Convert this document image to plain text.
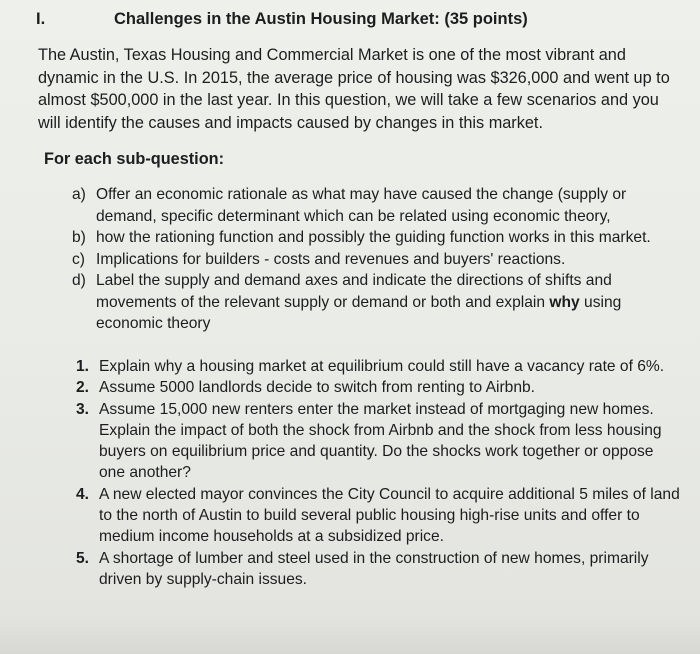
I.	Challenges in the Austin Housing Market: (35 points)
The Austin, Texas Housing and Commercial Market is one of the most vibrant and dynamic in the U.S. In 2015, the average price of housing was $326,000 and went up to almost $500,000 in the last year. In this question, we will take a few scenarios and you will identify the causes and impacts caused by changes in this market.
For each sub-question:
a) Offer an economic rationale as what may have caused the change (supply or demand, specific determinant which can be related using economic theory,
b) how the rationing function and possibly the guiding function works in this market.
c) Implications for builders - costs and revenues and buyers' reactions.
d) Label the supply and demand axes and indicate the directions of shifts and movements of the relevant supply or demand or both and explain why using economic theory
1. Explain why a housing market at equilibrium could still have a vacancy rate of 6%.
2. Assume 5000 landlords decide to switch from renting to Airbnb.
3. Assume 15,000 new renters enter the market instead of mortgaging new homes. Explain the impact of both the shock from Airbnb and the shock from less housing buyers on equilibrium price and quantity. Do the shocks work together or oppose one another?
4. A new elected mayor convinces the City Council to acquire additional 5 miles of land to the north of Austin to build several public housing high-rise units and offer to medium income households at a subsidized price.
5. A shortage of lumber and steel used in the construction of new homes, primarily driven by supply-chain issues.
